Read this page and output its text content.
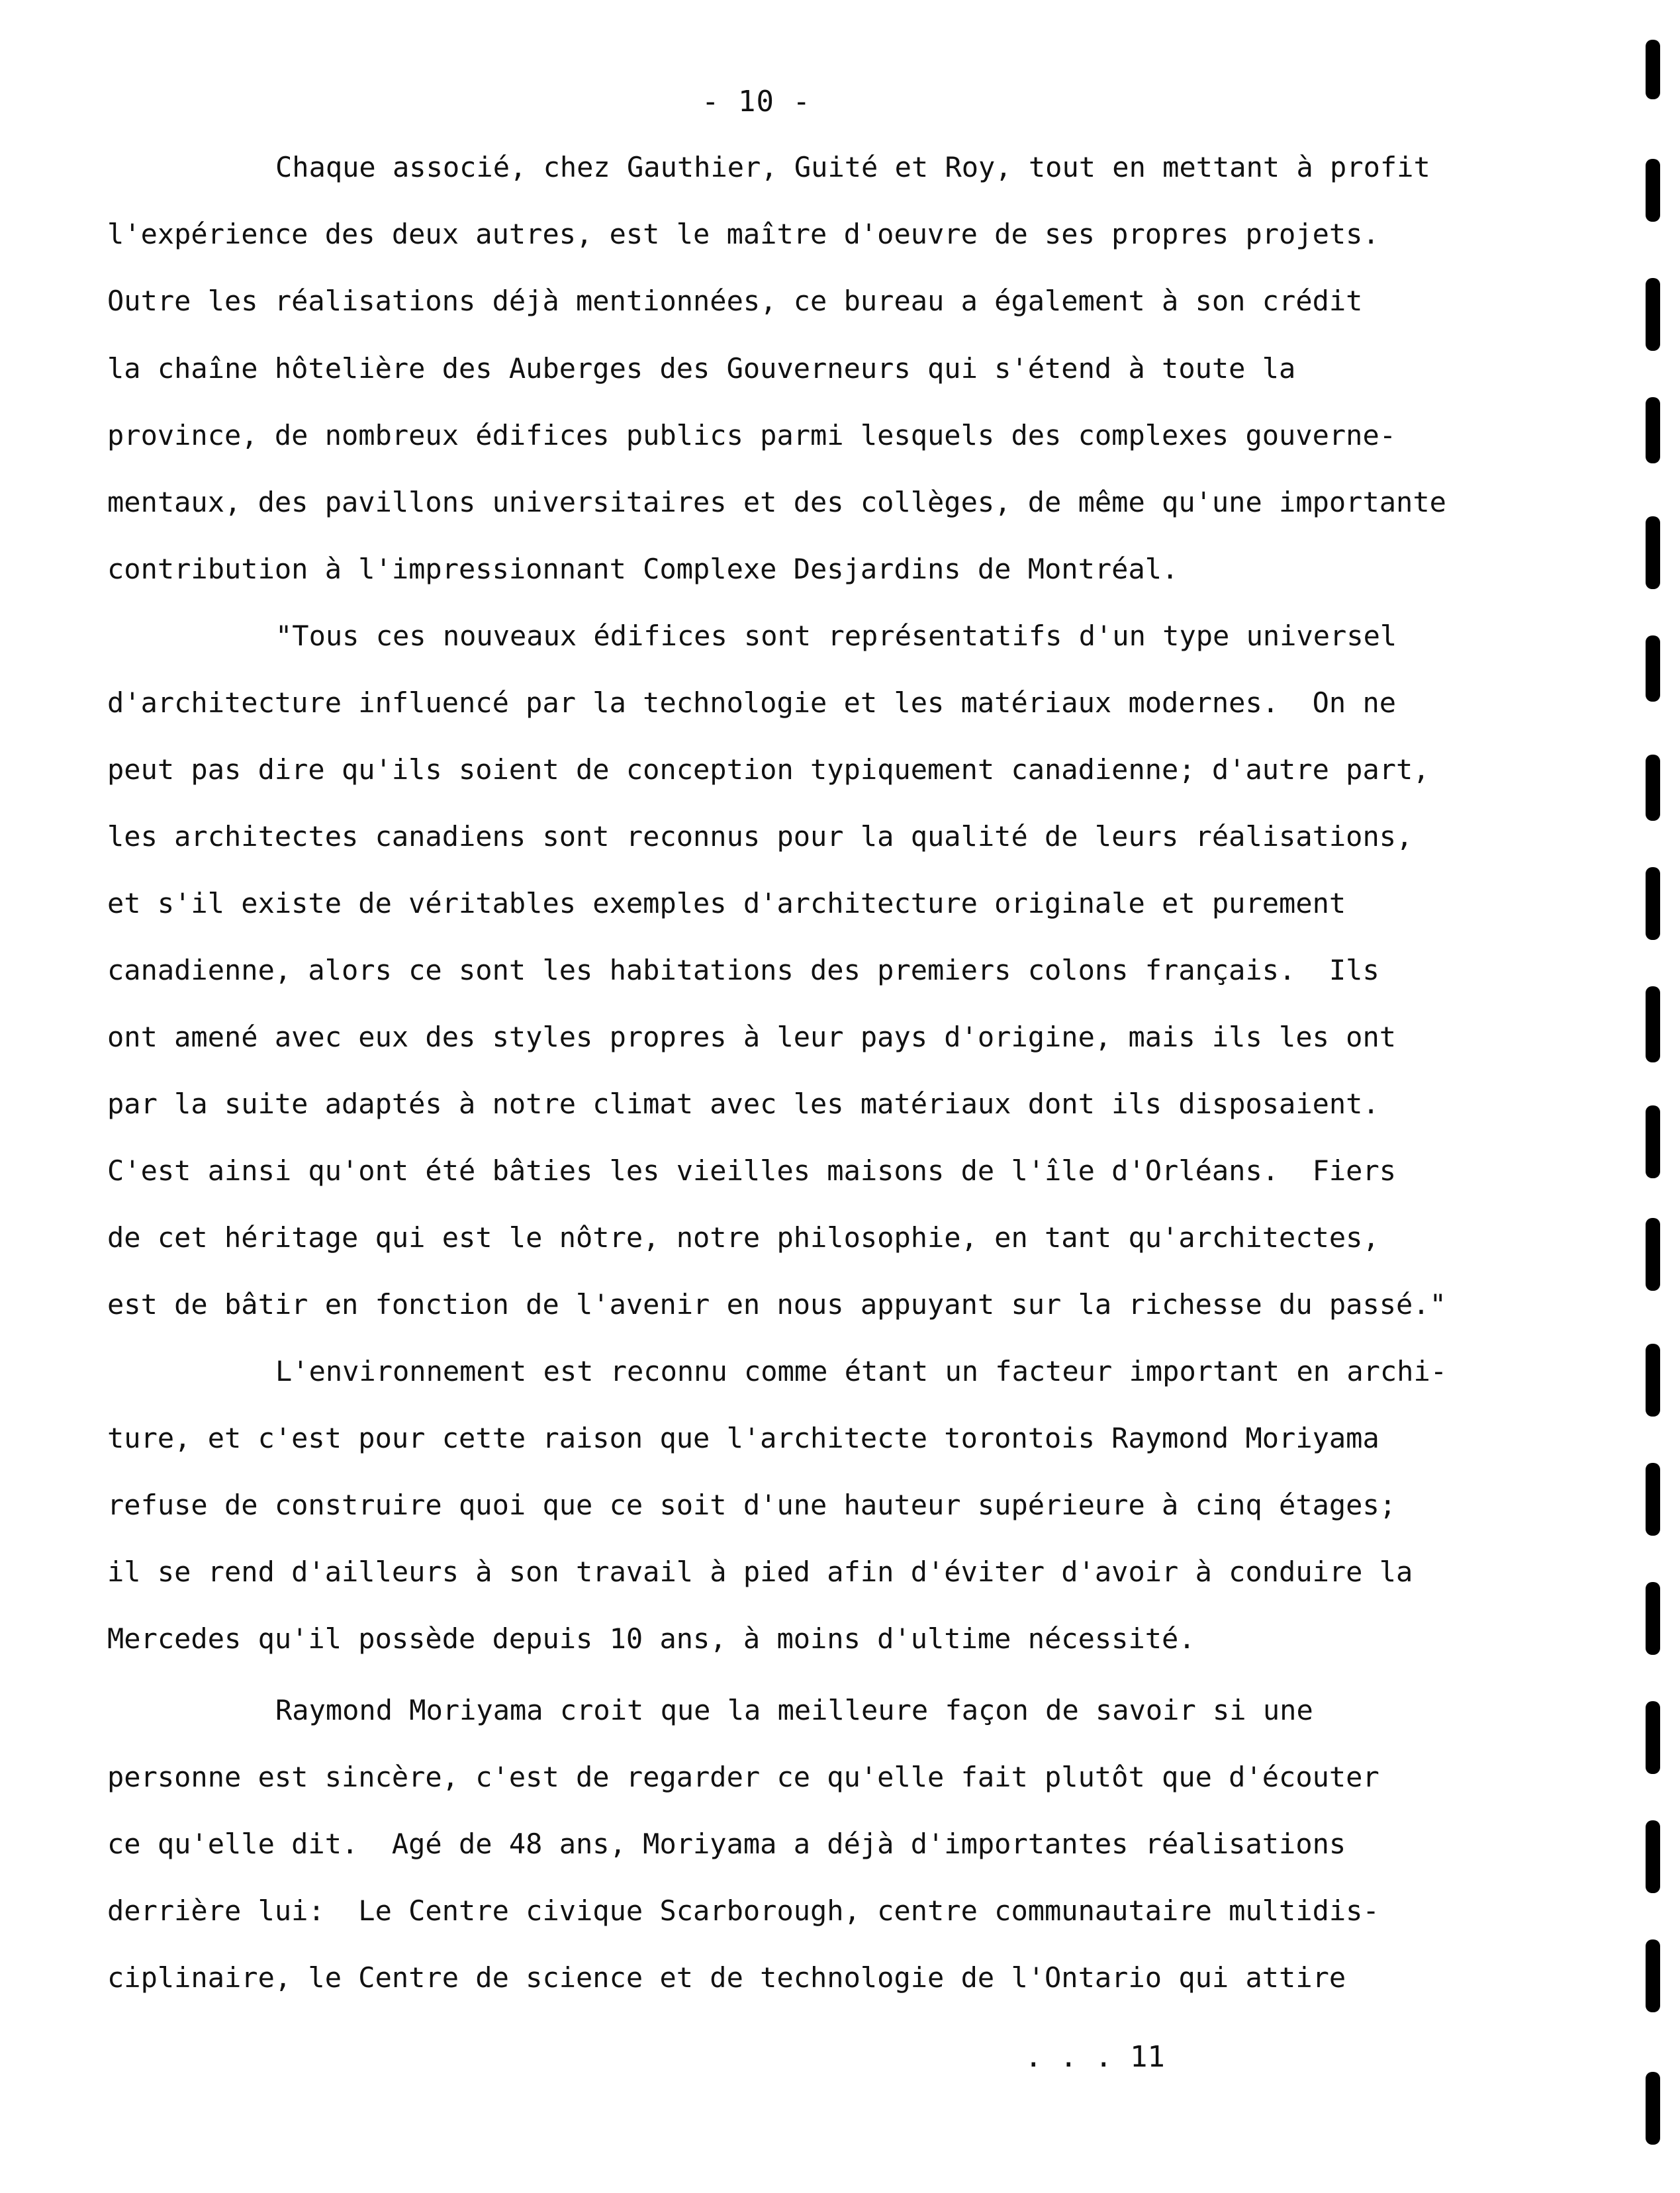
- 10 -
Chaque associé, chez Gauthier, Guité et Roy, tout en mettant à profit
l'expérience des deux autres, est le maître d'oeuvre de ses propres projets.
Outre les réalisations déjà mentionnées, ce bureau a également à son crédit
la chaîne hôtelière des Auberges des Gouverneurs qui s'étend à toute la
province, de nombreux édifices publics parmi lesquels des complexes gouverne-
mentaux, des pavillons universitaires et des collèges, de même qu'une importante
contribution à l'impressionnant Complexe Desjardins de Montréal.
"Tous ces nouveaux édifices sont représentatifs d'un type universel
d'architecture influencé par la technologie et les matériaux modernes.  On ne
peut pas dire qu'ils soient de conception typiquement canadienne; d'autre part,
les architectes canadiens sont reconnus pour la qualité de leurs réalisations,
et s'il existe de véritables exemples d'architecture originale et purement
canadienne, alors ce sont les habitations des premiers colons français.  Ils
ont amené avec eux des styles propres à leur pays d'origine, mais ils les ont
par la suite adaptés à notre climat avec les matériaux dont ils disposaient.
C'est ainsi qu'ont été bâties les vieilles maisons de l'île d'Orléans.  Fiers
de cet héritage qui est le nôtre, notre philosophie, en tant qu'architectes,
est de bâtir en fonction de l'avenir en nous appuyant sur la richesse du passé."
L'environnement est reconnu comme étant un facteur important en archi-
ture, et c'est pour cette raison que l'architecte torontois Raymond Moriyama
refuse de construire quoi que ce soit d'une hauteur supérieure à cinq étages;
il se rend d'ailleurs à son travail à pied afin d'éviter d'avoir à conduire la
Mercedes qu'il possède depuis 10 ans, à moins d'ultime nécessité.
Raymond Moriyama croit que la meilleure façon de savoir si une
personne est sincère, c'est de regarder ce qu'elle fait plutôt que d'écouter
ce qu'elle dit.  Agé de 48 ans, Moriyama a déjà d'importantes réalisations
derrière lui:  Le Centre civique Scarborough, centre communautaire multidis-
ciplinaire, le Centre de science et de technologie de l'Ontario qui attire
. . . 11
